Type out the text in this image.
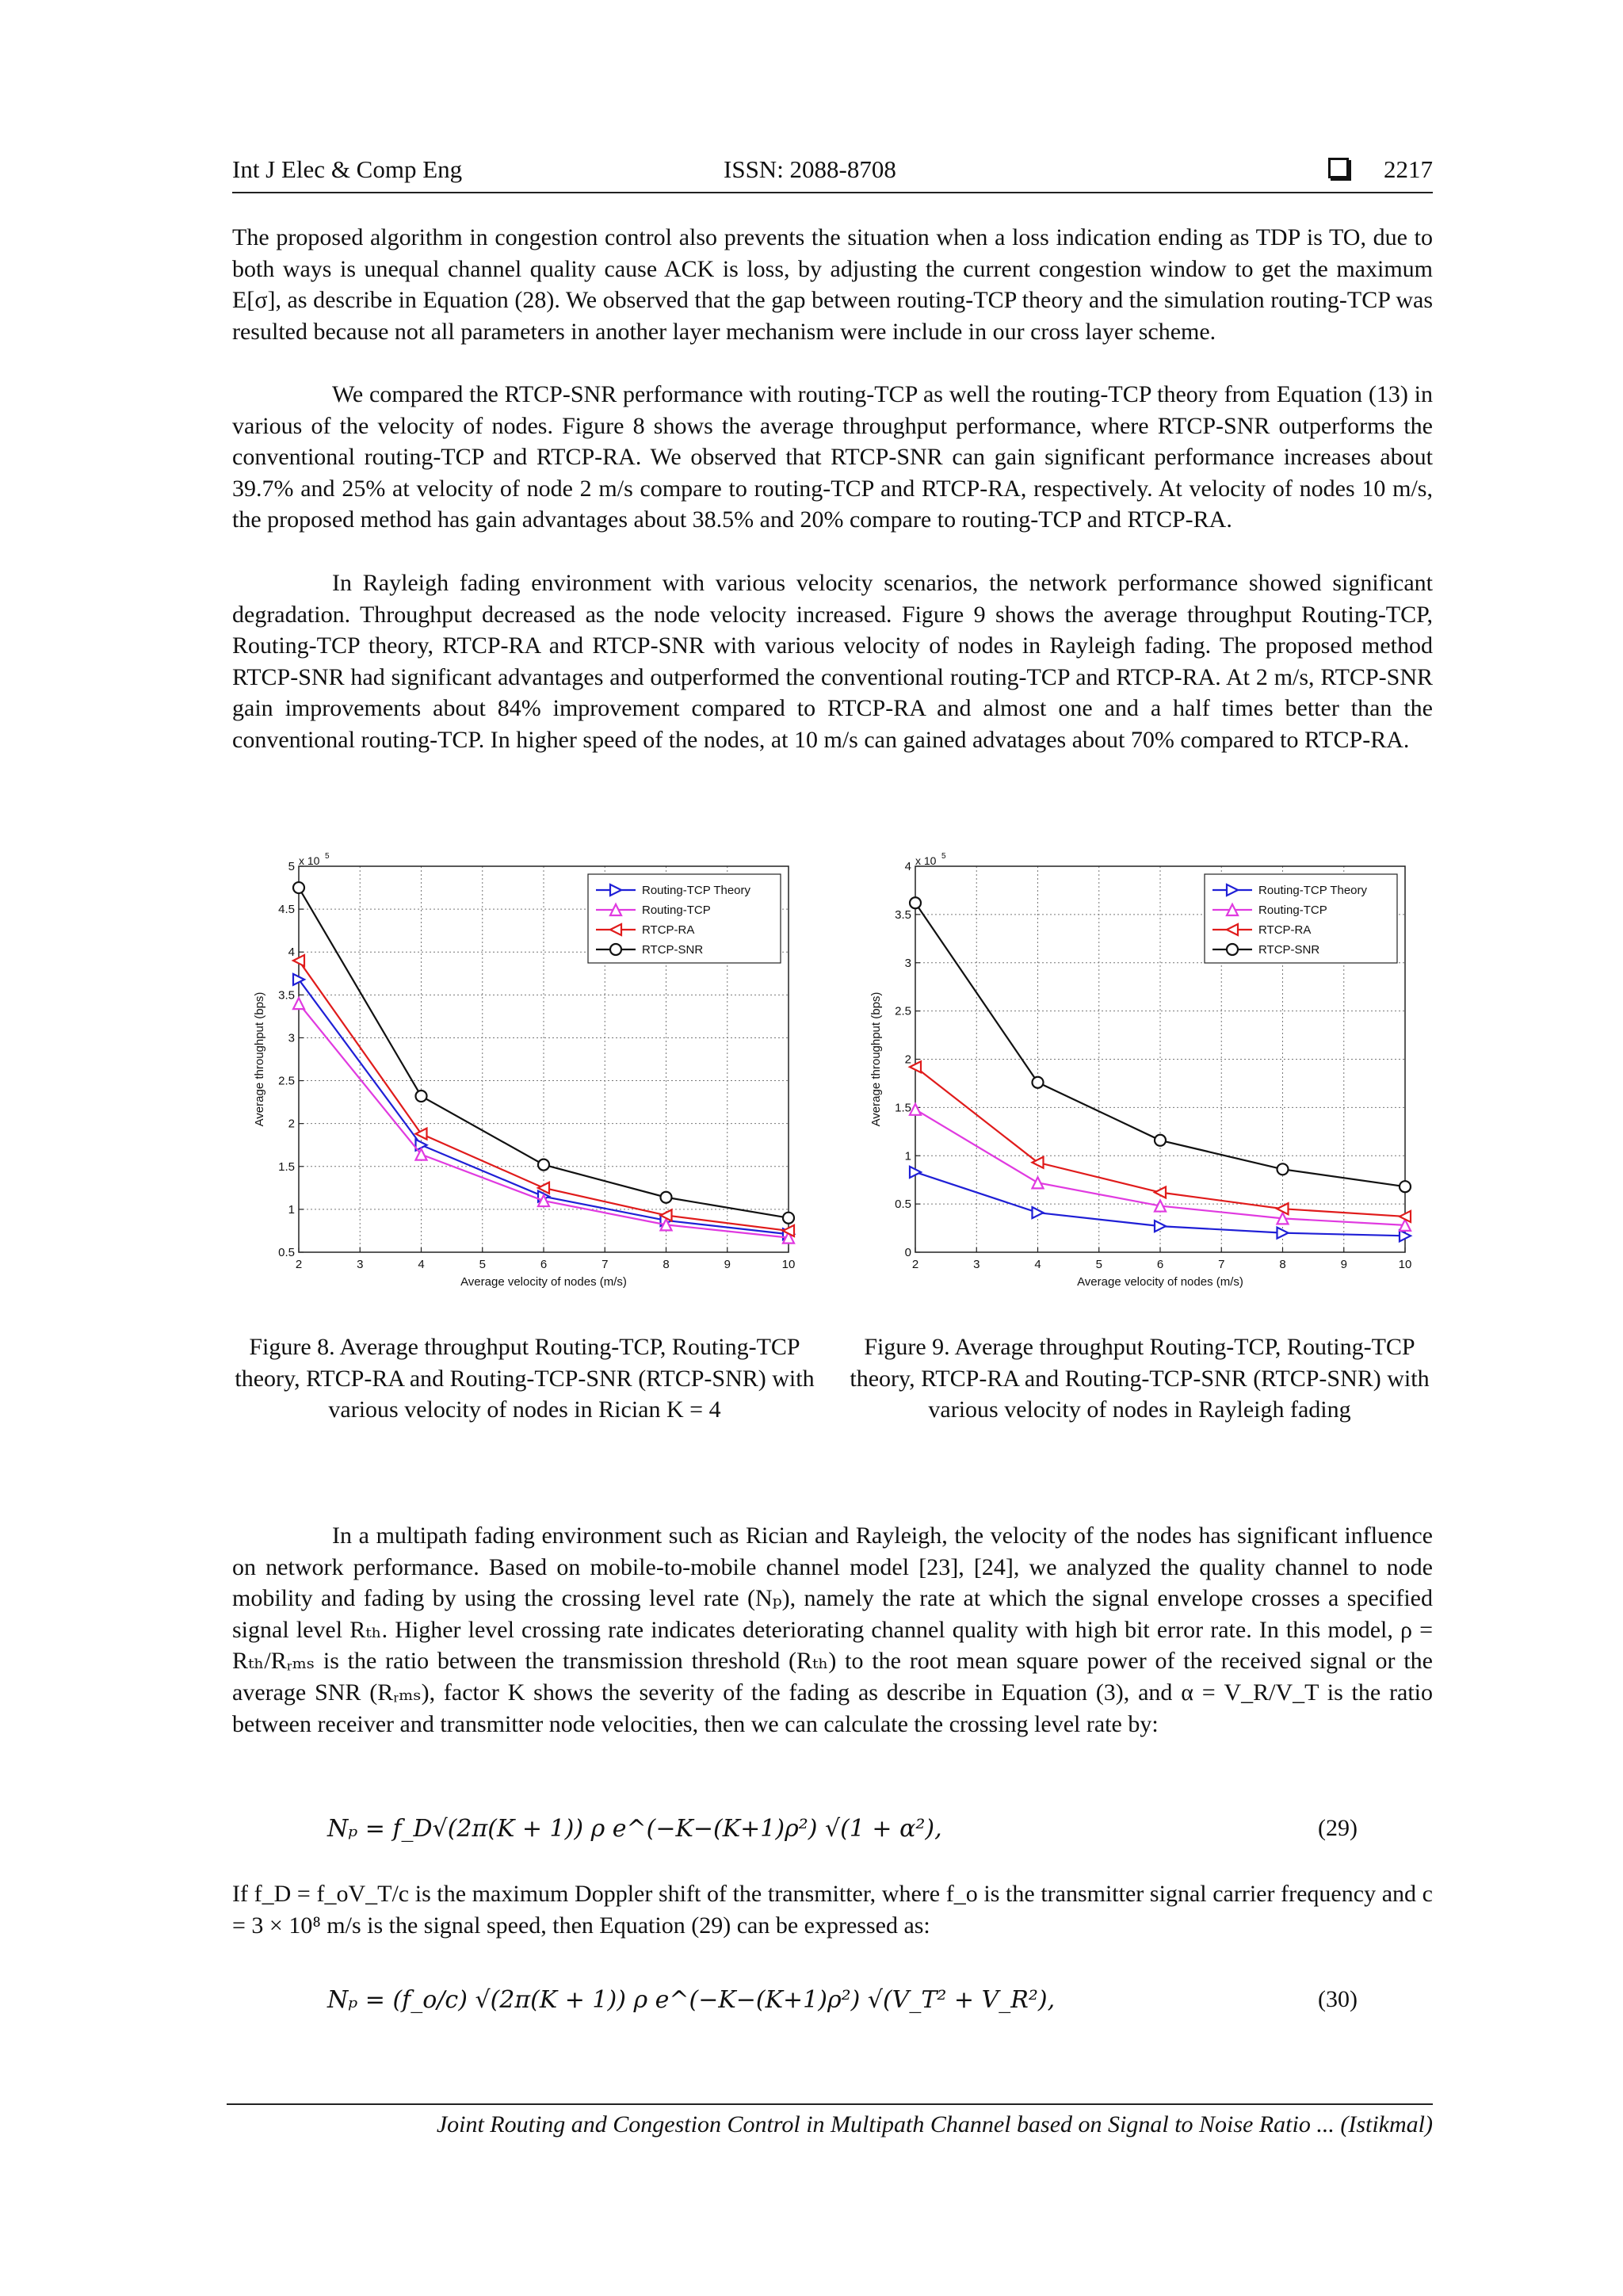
Int J Elec & Comp Eng	ISSN: 2088-8708	2217

The proposed algorithm in congestion control also prevents the situation when a loss indication ending as TDP is TO, due to both ways is unequal channel quality cause ACK is loss, by adjusting the current congestion window to get the maximum E[σ], as describe in Equation (28). We observed that the gap between routing-TCP theory and the simulation routing-TCP was resulted because not all parameters in another layer mechanism were include in our cross layer scheme.

We compared the RTCP-SNR performance with routing-TCP as well the routing-TCP theory from Equation (13) in various of the velocity of nodes. Figure 8 shows the average throughput performance, where RTCP-SNR outperforms the conventional routing-TCP and RTCP-RA. We observed that RTCP-SNR can gain significant performance increases about 39.7% and 25% at velocity of node 2 m/s compare to routing-TCP and RTCP-RA, respectively. At velocity of nodes 10 m/s, the proposed method has gain advantages about 38.5% and 20% compare to routing-TCP and RTCP-RA.

In Rayleigh fading environment with various velocity scenarios, the network performance showed significant degradation. Throughput decreased as the node velocity increased. Figure 9 shows the average throughput Routing-TCP, Routing-TCP theory, RTCP-RA and RTCP-SNR with various velocity of nodes in Rayleigh fading. The proposed method RTCP-SNR had significant advantages and outperformed the conventional routing-TCP and RTCP-RA. At 2 m/s, RTCP-SNR gain improvements about 84% improvement compared to RTCP-RA and almost one and a half times better than the conventional routing-TCP. In higher speed of the nodes, at 10 m/s can gained advatages about 70% compared to RTCP-RA.

2	3	4	5	6	7	8	9	10
0.5
1
1.5
2
2.5
3
3.5
4
4.5
5 x 10 5
Average velocity of nodes (m/s)
Average throughput (bps)
Routing-TCP Theory
Routing-TCP
RTCP-RA
RTCP-SNR

Figure 8. Average throughput Routing-TCP, Routing-TCP theory, RTCP-RA and Routing-TCP-SNR (RTCP-SNR) with various velocity of nodes in Rician K = 4

2	3	4	5	6	7	8	9	10
0
0.5
1
1.5
2
2.5
3
3.5
4 x 10 5
Average velocity of nodes (m/s)
Average throughput (bps)
Routing-TCP Theory
Routing-TCP
RTCP-RA
RTCP-SNR

Figure 9. Average throughput Routing-TCP, Routing-TCP theory, RTCP-RA and Routing-TCP-SNR (RTCP-SNR) with various velocity of nodes in Rayleigh fading

In a multipath fading environment such as Rician and Rayleigh, the velocity of the nodes has significant influence on network performance. Based on mobile-to-mobile channel model [23], [24], we analyzed the quality channel to node mobility and fading by using the crossing level rate (Nₚ), namely the rate at which the signal envelope crosses a specified signal level Rₜₕ. Higher level crossing rate indicates deteriorating channel quality with high bit error rate. In this model, ρ = Rₜₕ/Rᵣₘₛ is the ratio between the transmission threshold (Rₜₕ) to the root mean square power of the received signal or the average SNR (Rᵣₘₛ), factor K shows the severity of the fading as describe in Equation (3), and α = V_R/V_T is the ratio between receiver and transmitter node velocities, then we can calculate the crossing level rate by:

Nₚ = f_D√(2π(K + 1)) ρ e^(−K−(K+1)ρ²) √(1 + α²),	(29)

If f_D = f_oV_T/c is the maximum Doppler shift of the transmitter, where f_o is the transmitter signal carrier frequency and c = 3 × 10⁸ m/s is the signal speed, then Equation (29) can be expressed as:

Nₚ = (f_o/c) √(2π(K + 1)) ρ e^(−K−(K+1)ρ²) √(V_T² + V_R²),	(30)

Joint Routing and Congestion Control in Multipath Channel based on Signal to Noise Ratio ... (Istikmal)
